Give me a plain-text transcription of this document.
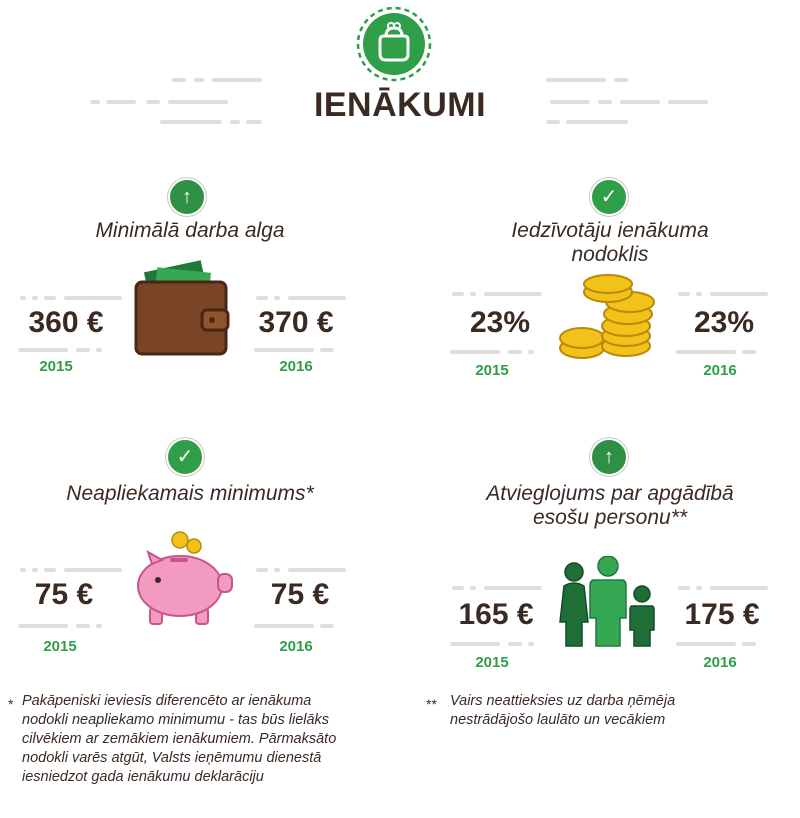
IENĀKUMI
↑
Minimālā darba alga
360 €
2015
370 €
2016
✓
Iedzīvotāju ienākuma nodoklis
23%
2015
23%
2016
✓
Neapliekamais minimums*
75 €
2015
75 €
2016
↑
Atvieglojums par apgādībā esošu personu**
165 €
2015
175 €
2016
* Pakāpeniski ieviesīs diferencēto ar ienākuma nodokli neapliekamo minimumu - tas būs lielāks cilvēkiem ar zemākiem ienākumiem. Pārmaksāto nodokli varēs atgūt, Valsts ieņēmumu dienestā iesniedzot gada ienākumu deklarāciju
** Vairs neattieksies uz darba ņēmēja nestrādājošo laulāto un vecākiem
